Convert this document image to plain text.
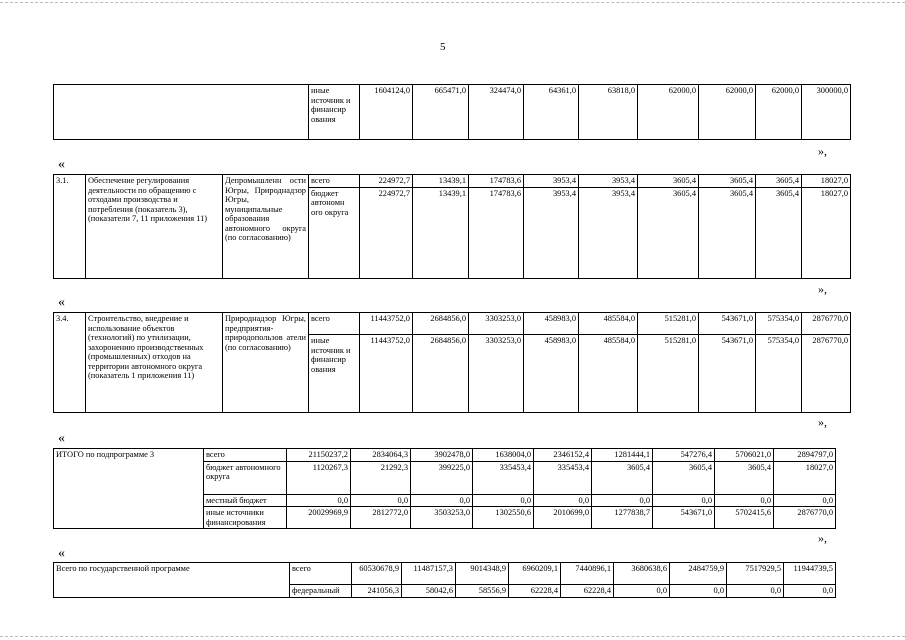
5
	иные источник и финансир ования	1604124,0	665471,0	324474,0	64361,0	63818,0	62000,0	62000,0	62000,0	300000,0
»,
«
3.1.	Обеспечение регулирования деятельности по обращению с отходами производства и потребления (показатель 3), (показатели 7, 11 приложения 11)	Депромышленн ости Югры, Природнадзор Югры, муниципальные образования автономного округа (по согласованию)	всего	224972,7	13439,1	174783,6	3953,4	3953,4	3605,4	3605,4	3605,4	18027,0
			бюджет автономн ого округа	224972,7	13439,1	174783,6	3953,4	3953,4	3605,4	3605,4	3605,4	18027,0
»,
«
3.4.	Строительство, внедрение и использование объектов (технологий) по утилизации, захоронению производственных (промышленных) отходов на территории автономного округа (показатель 1 приложения 11)	Природнадзор Югры, предприятия-природопользов атели (по согласованию)	всего	11443752,0	2684856,0	3303253,0	458983,0	485584,0	515281,0	543671,0	575354,0	2876770,0
			иные источник и финансир ования	11443752,0	2684856,0	3303253,0	458983,0	485584,0	515281,0	543671,0	575354,0	2876770,0
»,
«
ИТОГО по подпрограмме 3	всего	21150237,2	2834064,3	3902478,0	1638004,0	2346152,4	1281444,1	547276,4	5706021,0	2894797,0
	бюджет автономного округа	1120267,3	21292,3	399225,0	335453,4	335453,4	3605,4	3605,4	3605,4	18027,0
	местный бюджет	0,0	0,0	0,0	0,0	0,0	0,0	0,0	0,0	0,0
	иные источники финансирования	20029969,9	2812772,0	3503253,0	1302550,6	2010699,0	1277838,7	543671,0	5702415,6	2876770,0
»,
«
Всего по государственной программе	всего	60530678,9	11487157,3	9014348,9	6960209,1	7440896,1	3680638,6	2484759,9	7517929,5	11944739,5
	федеральный	241056,3	58042,6	58556,9	62228,4	62228,4	0,0	0,0	0,0	0,0
